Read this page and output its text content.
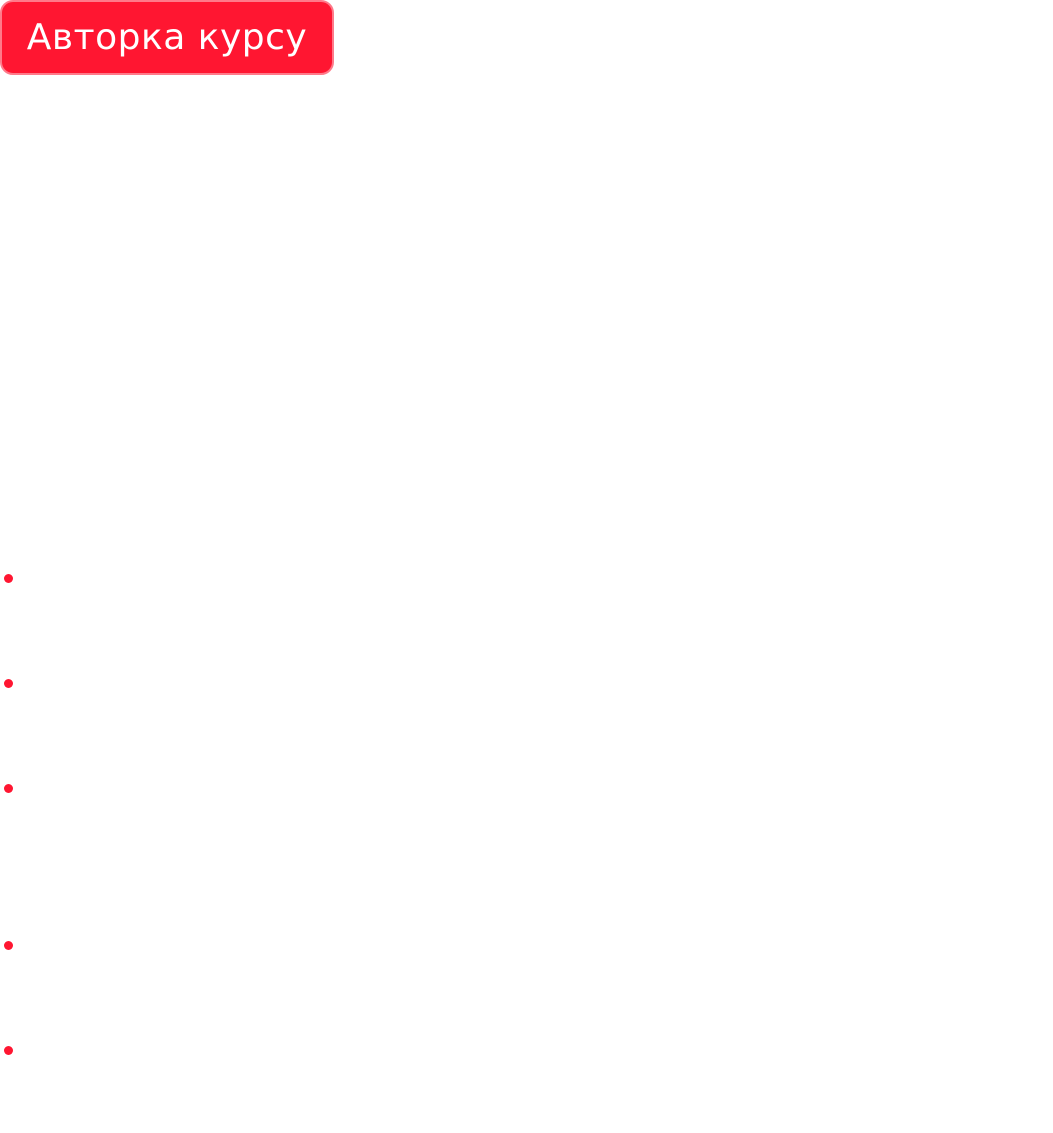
Авторка курсу
